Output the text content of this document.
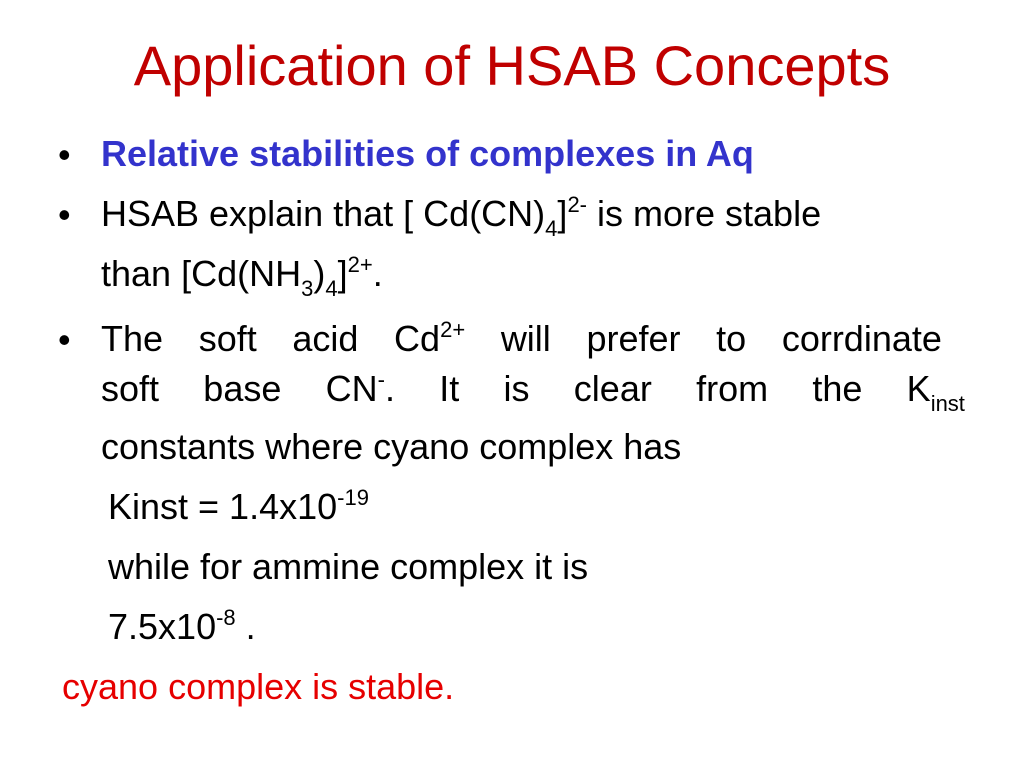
Application of HSAB Concepts
• Relative stabilities of complexes in Aq
• HSAB explain that [ $Cd(CN)_4]^{2-}$ is more stable
than $[Cd(NH_3)_4]^{2+}$.
• The soft acid $Cd^{2+}$ will prefer to corrdinate
soft base CN-. It is clear from the $K_{inst}$
constants where cyano complex has
Kinst = $1.4x10^{-19}$
while for ammine complex it is
$7.5x10^{-8}$ .
cyano complex is stable.
